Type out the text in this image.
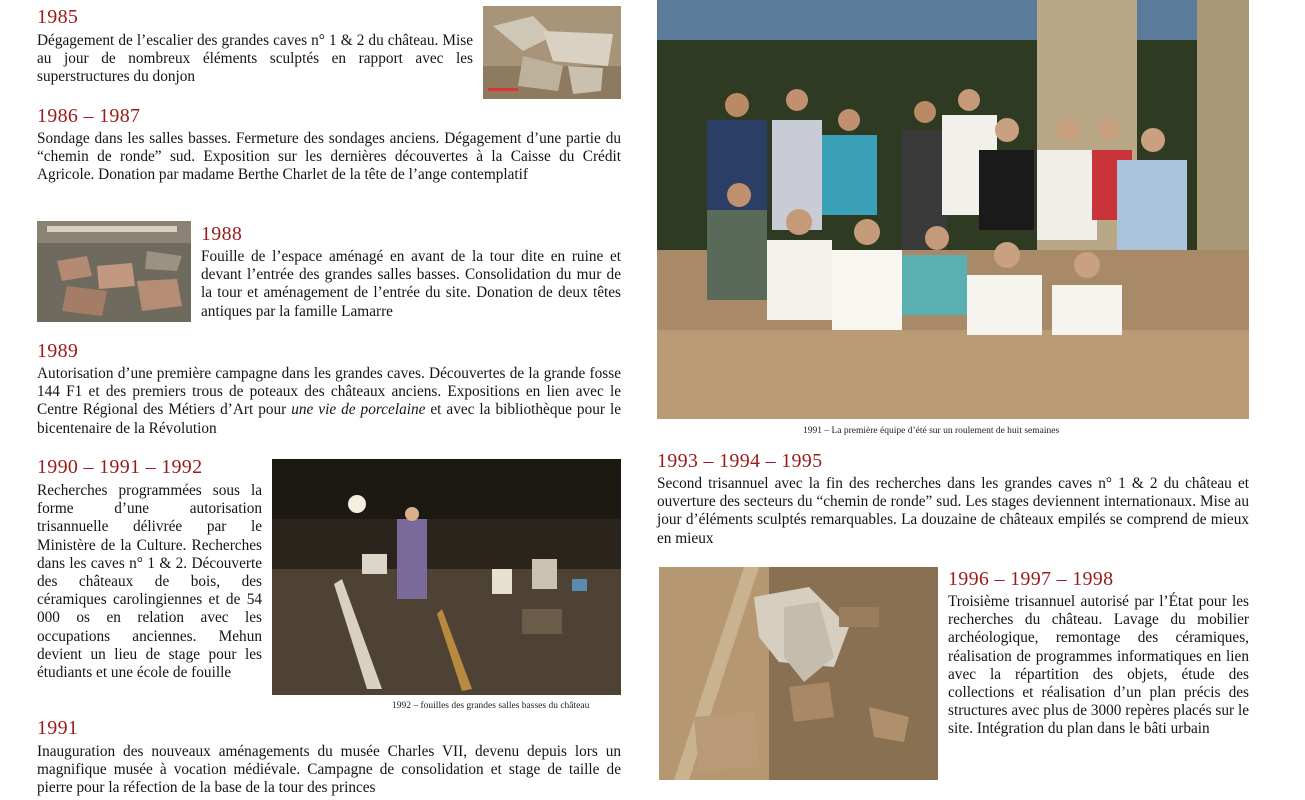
1985
Dégagement de l’escalier des grandes caves n° 1 & 2 du château. Mise au jour de nombreux éléments sculptés en rapport avec les superstructures du donjon
1986 – 1987
Sondage dans les salles basses. Fermeture des sondages anciens. Dégagement d’une partie du “chemin de ronde” sud. Exposition sur les dernières découvertes à la Caisse du Crédit Agricole. Donation par madame Berthe Charlet de la tête de l’ange contemplatif
1988
Fouille de l’espace aménagé en avant de la tour dite en ruine et devant l’entrée des grandes salles basses. Consolidation du mur de la tour et aménagement de l’entrée du site. Donation de deux têtes antiques par la famille Lamarre
1989
Autorisation d’une première campagne dans les grandes caves. Découvertes de la grande fosse 144 F1 et des premiers trous de poteaux des châteaux anciens. Expositions en lien avec le Centre Régional des Métiers d’Art pour une vie de porcelaine et avec la bibliothèque pour le bicentenaire de la Révolution
1990 – 1991 – 1992
Recherches programmées sous la forme d’une autorisation trisannuelle délivrée par le Ministère de la Culture. Recherches dans les caves n° 1 & 2. Découverte des châteaux de bois, des céramiques carolingiennes et de 54 000 os en relation avec les occupations anciennes. Mehun devient un lieu de stage pour les étudiants et une école de fouille
1992 – fouilles des grandes salles basses du château
1991
Inauguration des nouveaux aménagements du musée Charles VII, devenu depuis lors un magnifique musée à vocation médiévale. Campagne de consolidation et stage de taille de pierre pour la réfection de la base de la tour des princes
1991 – La première équipe d’été sur un roulement de huit semaines
1993 – 1994 – 1995
Second trisannuel avec la fin des recherches dans les grandes caves n° 1 & 2 du château et ouverture des secteurs du “chemin de ronde” sud. Les stages deviennent internationaux. Mise au jour d’éléments sculptés remarquables. La douzaine de châteaux empilés se comprend de mieux en mieux
1996 – 1997 – 1998
Troisième trisannuel autorisé par l’État pour les recherches du château. Lavage du mobilier archéologique, remontage des céramiques, réalisation de programmes informatiques en lien avec la répartition des objets, étude des collections et réalisation d’un plan précis des structures avec plus de 3000 repères placés sur le site. Intégration du plan dans le bâti urbain
